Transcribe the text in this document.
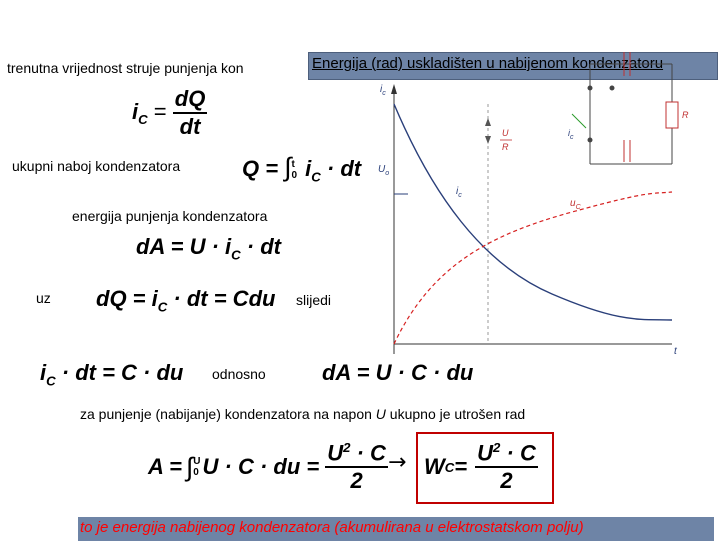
trenutna vrijednost struje punjenja kon	Energija (rad) uskladišten u nabijenom kondenzatoru
$i_C = \frac{dQ}{dt}$
ukupni naboj kondenzatora	Q = ∫ t
0 $i_C$ · dt
energija punjenja kondenzatora
dA = $U \cdot i_C$ · dt
uz dQ = $i_C$ · dt = Cdu slijedi
$i_C$ · dt = C · du odnosno	dA = U · C · du
za punjenje (nabijanje) kondenzatora na napon U ukupno je utrošen rad
A = ∫ U
0 U · C · du = $\frac{U^2 \cdot C}{2} \to W$ $C = \frac{U^2 \cdot C}{2}$
to je energija nabijenog kondenzatora (akumulirana u elektrostatskom polju)
$i_c$
t
U
R
$U_o$
$i_c$
$u_C$
R
$i_c$
